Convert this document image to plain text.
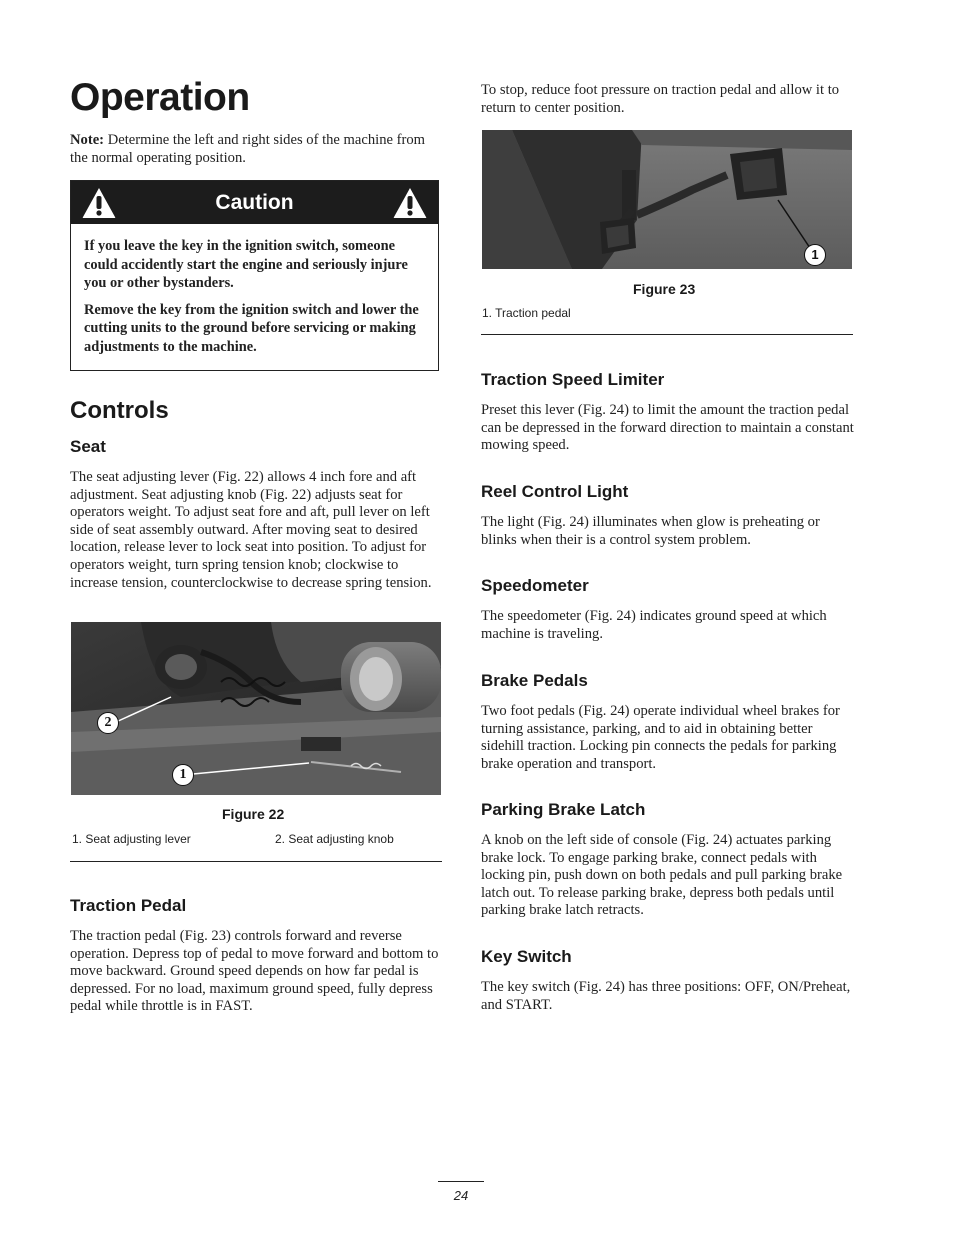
Operation

Note: Determine the left and right sides of the machine from the normal operating position.

Caution

If you leave the key in the ignition switch, someone could accidently start the engine and seriously injure you or other bystanders.

Remove the key from the ignition switch and lower the cutting units to the ground before servicing or making adjustments to the machine.

Controls
Seat

The seat adjusting lever (Fig. 22) allows 4 inch fore and aft adjustment. Seat adjusting knob (Fig. 22) adjusts seat for operators weight. To adjust seat fore and aft, pull lever on left side of seat assembly outward. After moving seat to desired location, release lever to lock seat into position. To adjust for operators weight, turn spring tension knob; clockwise to increase tension, counterclockwise to decrease spring tension.

2
1
Figure 22
1. Seat adjusting lever	2. Seat adjusting knob
Traction Pedal

The traction pedal (Fig. 23) controls forward and reverse operation. Depress top of pedal to move forward and bottom to move backward. Ground speed depends on how far pedal is depressed. For no load, maximum ground speed, fully depress pedal while throttle is in FAST.

To stop, reduce foot pressure on traction pedal and allow it to return to center position.

1
Figure 23
1. Traction pedal
Traction Speed Limiter

Preset this lever (Fig. 24) to limit the amount the traction pedal can be depressed in the forward direction to maintain a constant mowing speed.

Reel Control Light

The light (Fig. 24) illuminates when glow is preheating or blinks when their is a control system problem.

Speedometer

The speedometer (Fig. 24) indicates ground speed at which machine is traveling.

Brake Pedals

Two foot pedals (Fig. 24) operate individual wheel brakes for turning assistance, parking, and to aid in obtaining better sidehill traction. Locking pin connects the pedals for parking brake operation and transport.

Parking Brake Latch

A knob on the left side of console (Fig. 24) actuates parking brake lock. To engage parking brake, connect pedals with locking pin, push down on both pedals and pull parking brake latch out. To release parking brake, depress both pedals until parking brake latch retracts.

Key Switch

The key switch (Fig. 24) has three positions: OFF, ON/Preheat, and START.

24
